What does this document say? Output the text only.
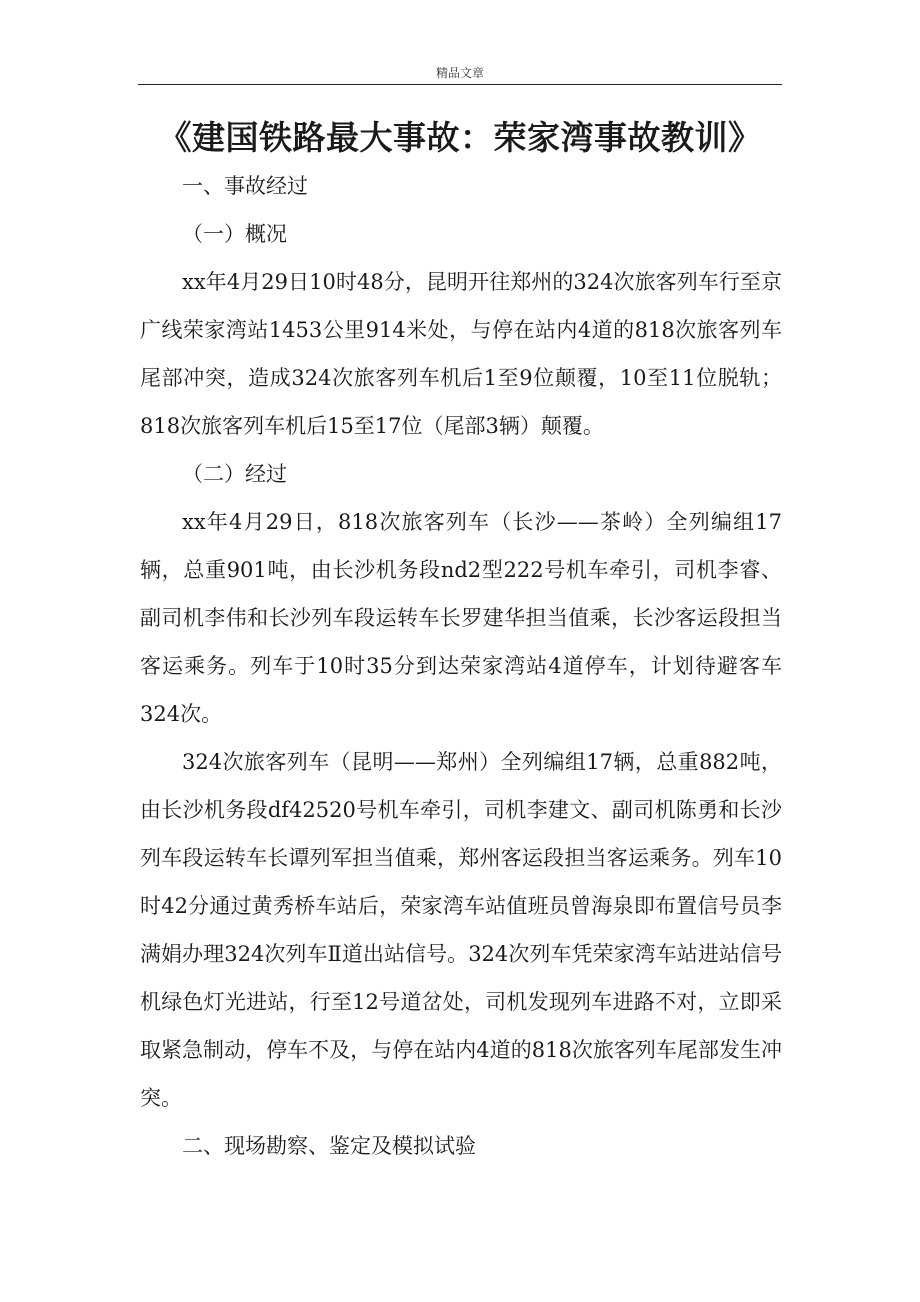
精品文章
《建国铁路最大事故：荣家湾事故教训》

一、事故经过

（一）概况

xx年4月29日10时48分，昆明开往郑州的324次旅客列车行至京广线荣家湾站1453公里914米处，与停在站内4道的818次旅客列车尾部冲突，造成324次旅客列车机后1至9位颠覆，10至11位脱轨；818次旅客列车机后15至17位（尾部3辆）颠覆。

（二）经过

xx年4月29日，818次旅客列车（长沙——茶岭）全列编组17辆，总重901吨，由长沙机务段nd2型222号机车牵引，司机李睿、副司机李伟和长沙列车段运转车长罗建华担当值乘，长沙客运段担当客运乘务。列车于10时35分到达荣家湾站4道停车，计划待避客车324次。

324次旅客列车（昆明——郑州）全列编组17辆，总重882吨，由长沙机务段df42520号机车牵引，司机李建文、副司机陈勇和长沙列车段运转车长谭列军担当值乘，郑州客运段担当客运乘务。列车10时42分通过黄秀桥车站后，荣家湾车站值班员曾海泉即布置信号员李满娟办理324次列车Ⅱ道出站信号。324次列车凭荣家湾车站进站信号机绿色灯光进站，行至12号道岔处，司机发现列车进路不对，立即采取紧急制动，停车不及，与停在站内4道的818次旅客列车尾部发生冲突。

二、现场勘察、鉴定及模拟试验
